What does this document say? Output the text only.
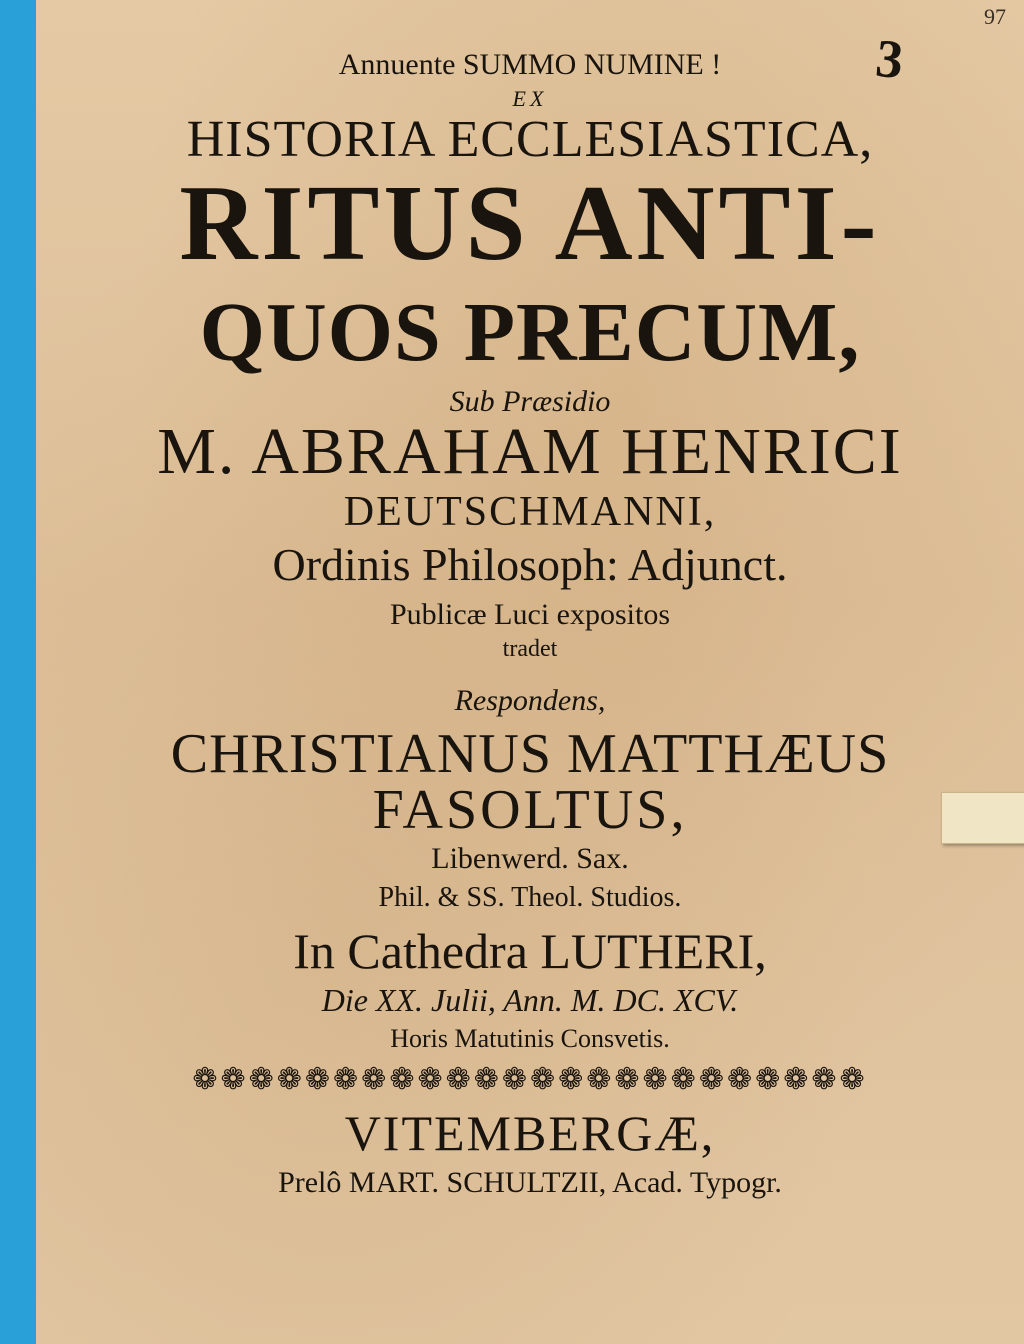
97
3
Annuente SUMMO NUMINE !
EX
HISTORIA ECCLESIASTICA,
RITUS ANTI-
QUOS PRECUM,
Sub Præsidio
M. ABRAHAM HENRICI
DEUTSCHMANNI,
Ordinis Philosoph: Adjunct.
Publicæ Luci expositos
tradet
Respondens,
CHRISTIANUS MATTHÆUS
FASOLTUS,
Libenwerd. Sax.
Phil. & SS. Theol. Studios.
In Cathedra LUTHERI,
Die XX. Julii, Ann. M. DC. XCV.
Horis Matutinis Consvetis.
❁❁❁❁❁❁❁❁❁❁❁❁❁❁❁❁❁❁❁❁❁❁❁❁
VITEMBERGÆ,
Prelô MART. SCHULTZII, Acad. Typogr.
